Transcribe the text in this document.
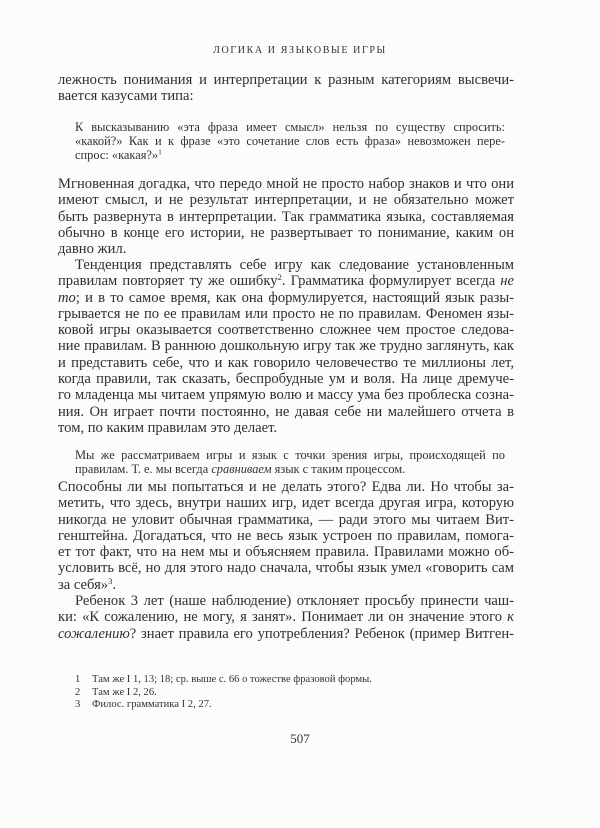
ЛОГИКА И ЯЗЫКОВЫЕ ИГРЫ
лежность понимания и интерпретации к разным категориям высвечи-
вается казусами типа:
К высказыванию «эта фраза имеет смысл» нельзя по существу спросить:
«какой?» Как и к фразе «это сочетание слов есть фраза» невозможен пере-
спрос: «какая?»$^1$
Мгновенная догадка, что передо мной не просто набор знаков и что они
имеют смысл, и не результат интерпретации, и не обязательно может
быть развернута в интерпретации. Так грамматика языка, составляемая
обычно в конце его истории, не развертывает то понимание, каким он
давно жил.
Тенденция представлять себе игру как следование установленным
правилам повторяет ту же ошибку$^2$. Грамматика формулирует всегда не
то; и в то самое время, как она формулируется, настоящий язык разы-
грывается не по ее правилам или просто не по правилам. Феномен язы-
ковой игры оказывается соответственно сложнее чем простое следова-
ние правилам. В раннюю дошкольную игру так же трудно заглянуть, как
и представить себе, что и как говорило человечество те миллионы лет,
когда правили, так сказать, беспробудные ум и воля. На лице дремуче-
го младенца мы читаем упрямую волю и массу ума без проблеска созна-
ния. Он играет почти постоянно, не давая себе ни малейшего отчета в
том, по каким правилам это делает.
Мы же рассматриваем игры и язык с точки зрения игры, происходящей по
правилам. Т. е. мы всегда сравниваем язык с таким процессом.
Способны ли мы попытаться и не делать этого? Едва ли. Но чтобы за-
метить, что здесь, внутри наших игр, идет всегда другая игра, которую
никогда не уловит обычная грамматика, — ради этого мы читаем Вит-
генштейна. Догадаться, что не весь язык устроен по правилам, помога-
ет тот факт, что на нем мы и объясняем правила. Правилами можно об-
условить всё, но для этого надо сначала, чтобы язык умел «говорить сам
за себя»$^3$.
Ребенок 3 лет (наше наблюдение) отклоняет просьбу принести чаш-
ки: «К сожалению, не могу, я занят». Понимает ли он значение этого к
сожалению? знает правила его употребления? Ребенок (пример Витген-
1	Там же I 1, 13; 18; ср. выше с. 66 о тожестве фразовой формы.
2	Там же I 2, 26.
3	Филос. грамматика I 2, 27.
507
